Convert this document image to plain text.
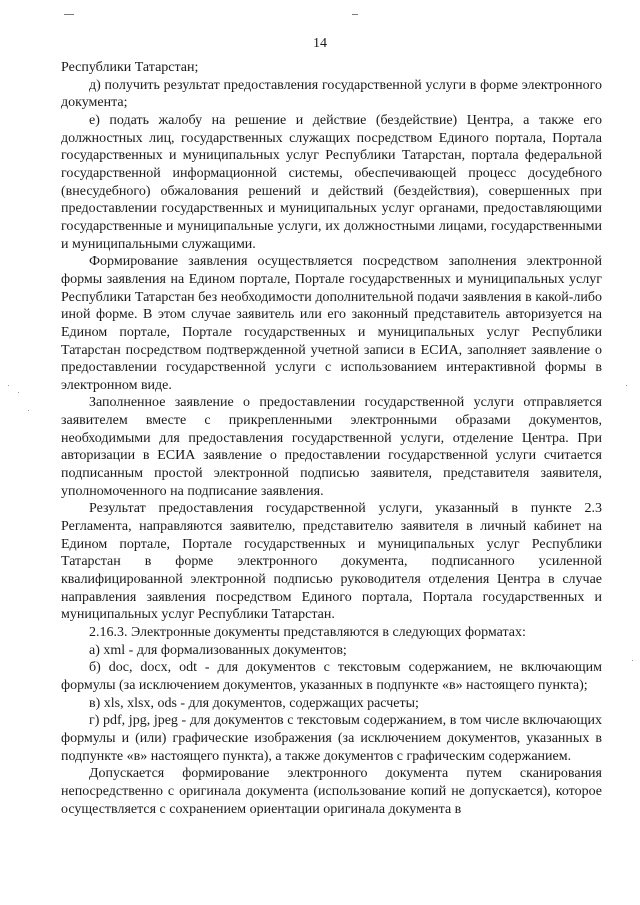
14

Республики Татарстан;

д) получить результат предоставления государственной услуги в форме электронного документа;

е) подать жалобу на решение и действие (бездействие) Центра, а также его должностных лиц, государственных служащих посредством Единого портала, Портала государственных и муниципальных услуг Республики Татарстан, портала федеральной государственной информационной системы, обеспечивающей процесс досудебного (внесудебного) обжалования решений и действий (бездействия), совершенных при предоставлении государственных и муниципальных услуг органами, предоставляющими государственные и муниципальные услуги, их должностными лицами, государственными и муниципальными служащими.

Формирование заявления осуществляется посредством заполнения электронной формы заявления на Едином портале, Портале государственных и муниципальных услуг Республики Татарстан без необходимости дополнительной подачи заявления в какой-либо иной форме. В этом случае заявитель или его законный представитель авторизуется на Едином портале, Портале государственных и муниципальных услуг Республики Татарстан посредством подтвержденной учетной записи в ЕСИА, заполняет заявление о предоставлении государственной услуги с использованием интерактивной формы в электронном виде.

Заполненное заявление о предоставлении государственной услуги отправляется заявителем вместе с прикрепленными электронными образами документов, необходимыми для предоставления государственной услуги, отделение Центра. При авторизации в ЕСИА заявление о предоставлении государственной услуги считается подписанным простой электронной подписью заявителя, представителя заявителя, уполномоченного на подписание заявления.

Результат предоставления государственной услуги, указанный в пункте 2.3 Регламента, направляются заявителю, представителю заявителя в личный кабинет на Едином портале, Портале государственных и муниципальных услуг Республики Татарстан в форме электронного документа, подписанного усиленной квалифицированной электронной подписью руководителя отделения Центра в случае направления заявления посредством Единого портала, Портала государственных и муниципальных услуг Республики Татарстан.

2.16.3. Электронные документы представляются в следующих форматах:

а) xml - для формализованных документов;

б) doc, docx, odt - для документов с текстовым содержанием, не включающим формулы (за исключением документов, указанных в подпункте «в» настоящего пункта);

в) xls, xlsx, ods - для документов, содержащих расчеты;

г) pdf, jpg, jpeg - для документов с текстовым содержанием, в том числе включающих формулы и (или) графические изображения (за исключением документов, указанных в подпункте «в» настоящего пункта), а также документов с графическим содержанием.

Допускается формирование электронного документа путем сканирования непосредственно с оригинала документа (использование копий не допускается), которое осуществляется с сохранением ориентации оригинала документа в
